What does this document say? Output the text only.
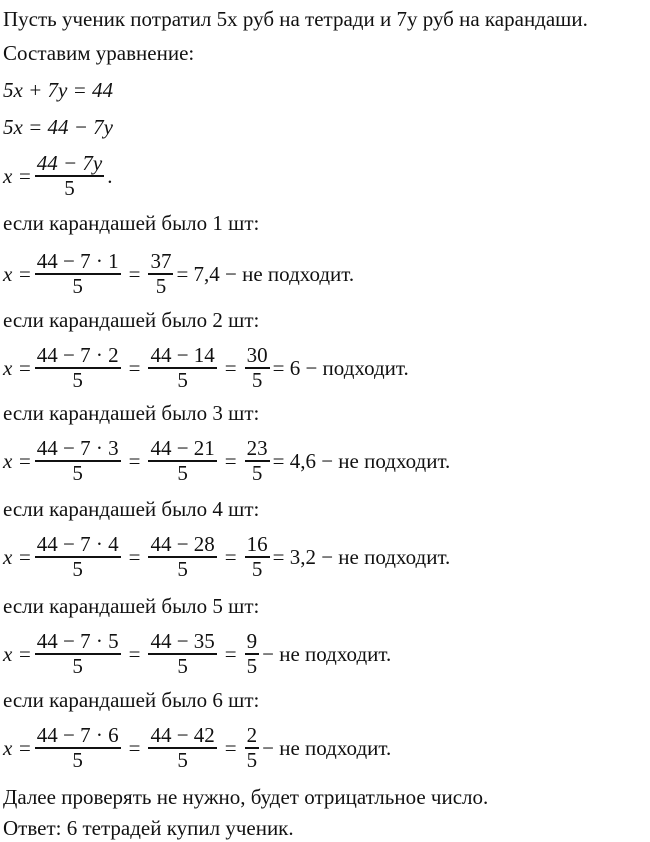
Пусть ученик потратил 5x руб на тетради и 7y руб на карандаши.
Составим уравнение:
5x + 7y = 44
5x = 44 − 7y
$x = \frac{44 - 7y}{5}$ .
если карандашей было 1 шт:
$x = \frac{44 - 7 \cdot 1}{5} = \frac{37}{5} = 7,4$ − не подходит.
если карандашей было 2 шт:
$x = \frac{44 - 7 \cdot 2}{5} = \frac{44 - 14}{5} = \frac{30}{5} = 6$ − подходит.
если карандашей было 3 шт:
$x = \frac{44 - 7 \cdot 3}{5} = \frac{44 - 21}{5} = \frac{23}{5} = 4,6$ − не подходит.
если карандашей было 4 шт:
$x = \frac{44 - 7 \cdot 4}{5} = \frac{44 - 28}{5} = \frac{16}{5} = 3,2$ − не подходит.
если карандашей было 5 шт:
$x = \frac{44 - 7 \cdot 5}{5} = \frac{44 - 35}{5} = \frac{9}{5}$ − не подходит.
если карандашей было 6 шт:
$x = \frac{44 - 7 \cdot 6}{5} = \frac{44 - 42}{5} = \frac{2}{5}$ − не подходит.
Далее проверять не нужно, будет отрицатльное число.
Ответ: 6 тетрадей купил ученик.
